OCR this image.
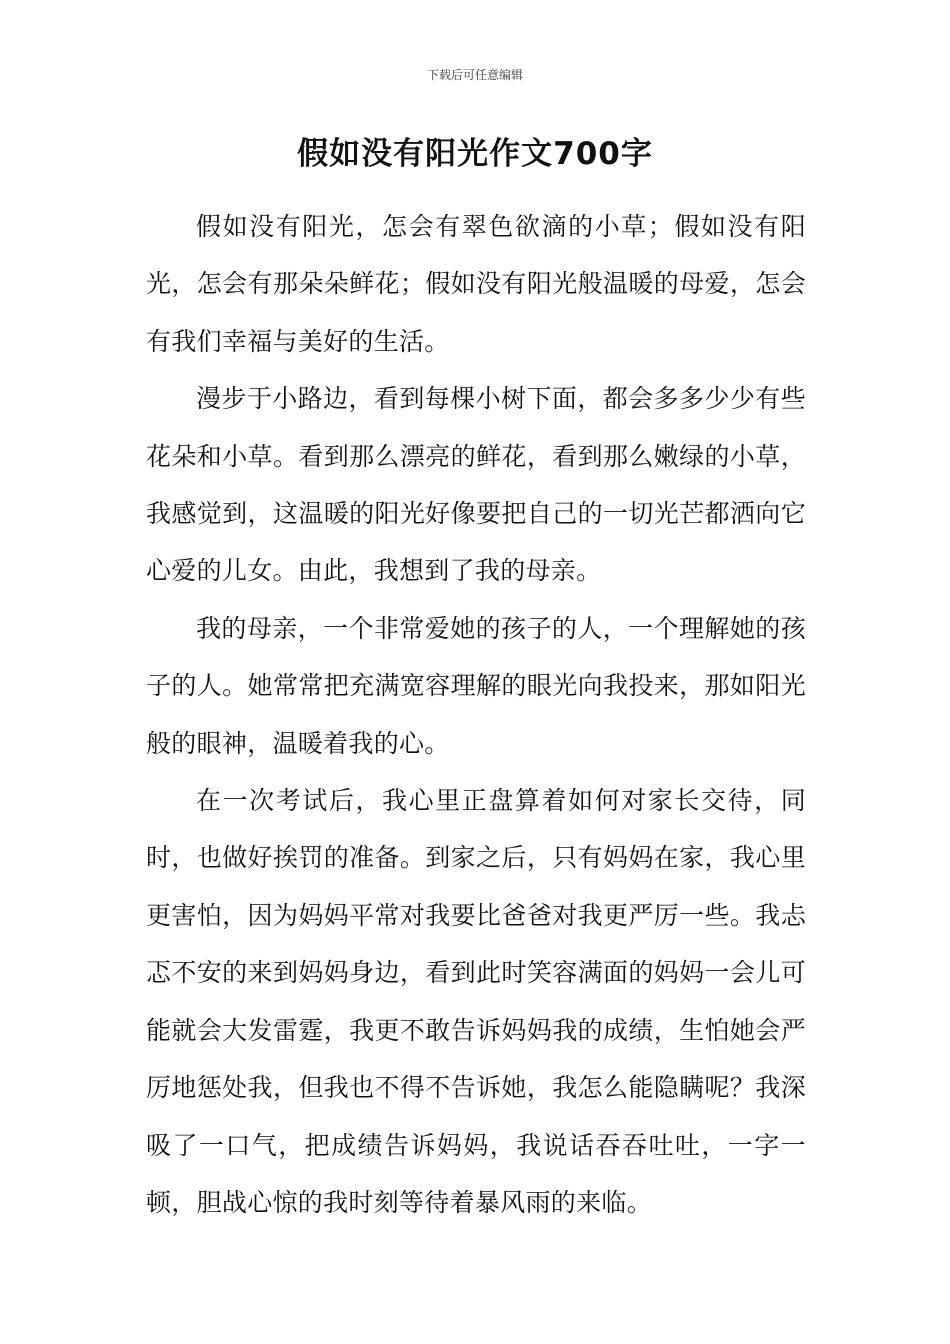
下载后可任意编辑
假如没有阳光作文700字

假如没有阳光，怎会有翠色欲滴的小草；假如没有阳光，怎会有那朵朵鲜花；假如没有阳光般温暖的母爱，怎会有我们幸福与美好的生活。

漫步于小路边，看到每棵小树下面，都会多多少少有些花朵和小草。看到那么漂亮的鲜花，看到那么嫩绿的小草，我感觉到，这温暖的阳光好像要把自己的一切光芒都洒向它心爱的儿女。由此，我想到了我的母亲。

我的母亲，一个非常爱她的孩子的人，一个理解她的孩子的人。她常常把充满宽容理解的眼光向我投来，那如阳光般的眼神，温暖着我的心。

在一次考试后，我心里正盘算着如何对家长交待，同时，也做好挨罚的准备。到家之后，只有妈妈在家，我心里更害怕，因为妈妈平常对我要比爸爸对我更严厉一些。我忐忑不安的来到妈妈身边，看到此时笑容满面的妈妈一会儿可能就会大发雷霆，我更不敢告诉妈妈我的成绩，生怕她会严厉地惩处我，但我也不得不告诉她，我怎么能隐瞒呢？我深吸了一口气，把成绩告诉妈妈，我说话吞吞吐吐，一字一顿，胆战心惊的我时刻等待着暴风雨的来临。
